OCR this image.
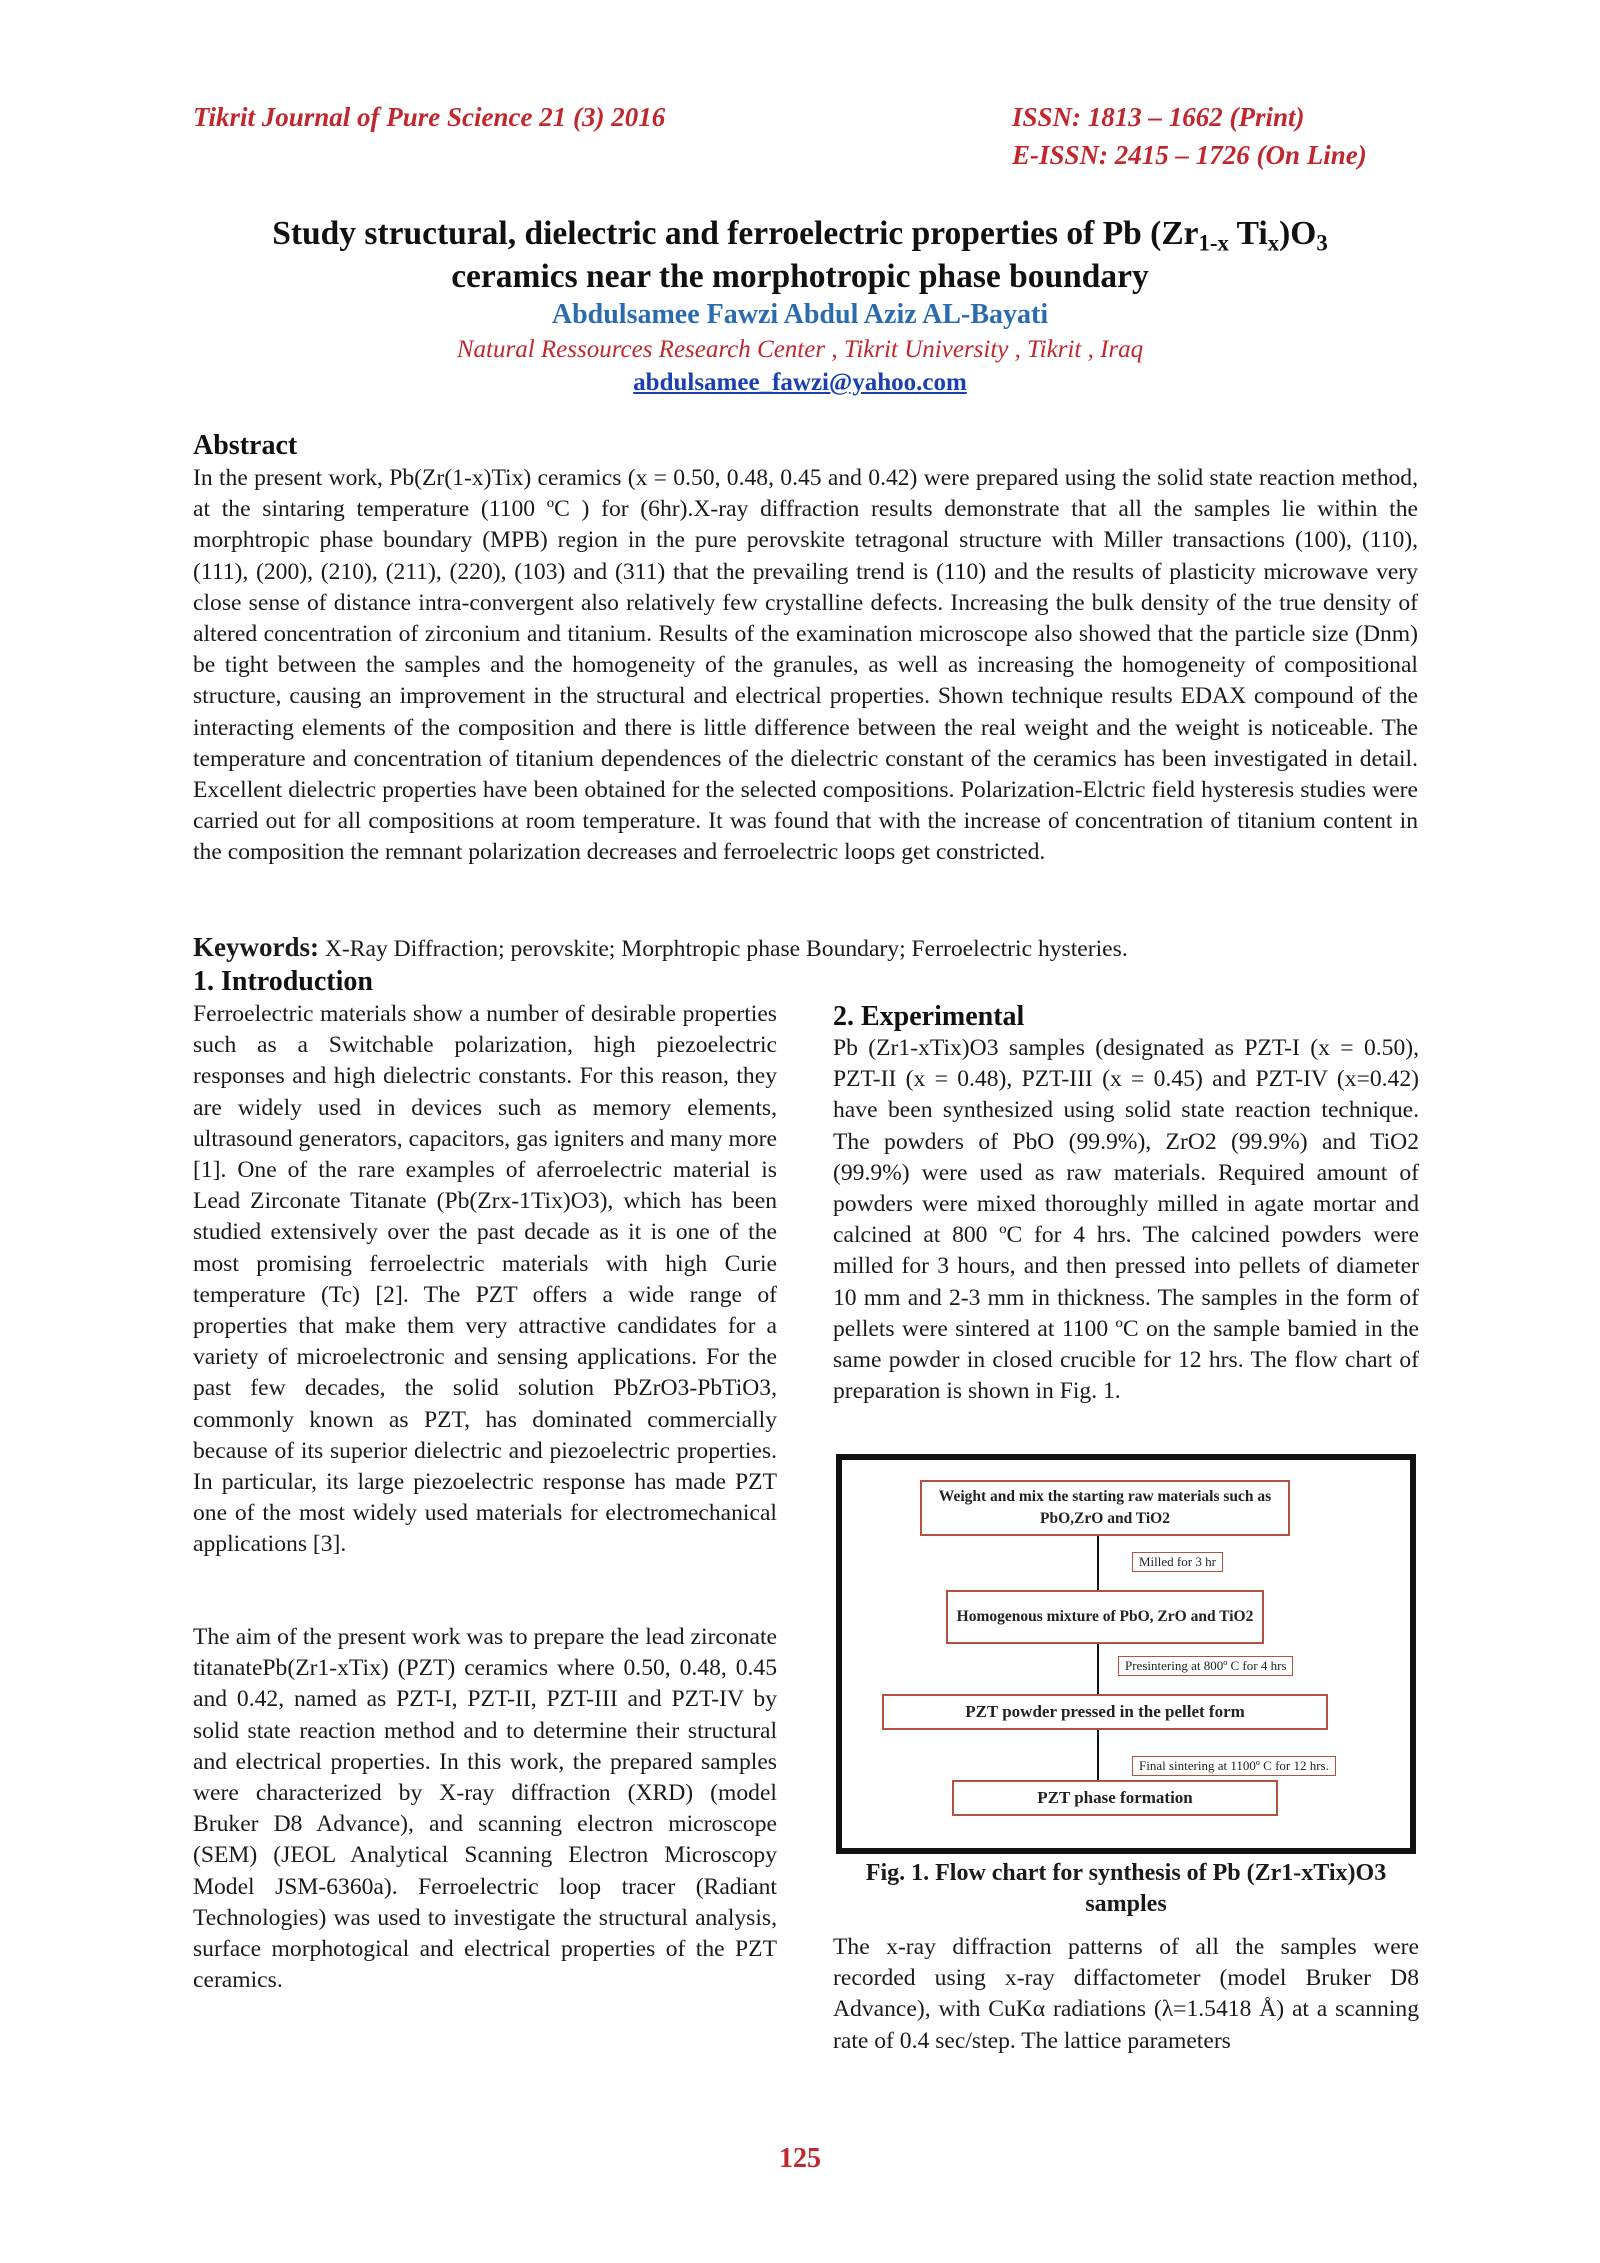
Tikrit Journal of Pure Science 21 (3) 2016	ISSN: 1813 – 1662 (Print)
E-ISSN: 2415 – 1726 (On Line)
Study structural, dielectric and ferroelectric properties of Pb ($Zr_{1-x}$ $Ti_x)O_3$
ceramics near the morphotropic phase boundary
Abdulsamee Fawzi Abdul Aziz AL-Bayati
Natural Ressources Research Center , Tikrit University , Tikrit , Iraq
abdulsamee_fawzi@yahoo.com
Abstract
In the present work, Pb(Zr(1-x)Tix) ceramics (x = 0.50, 0.48, 0.45 and 0.42) were prepared using the solid state reaction method, at the sintaring temperature (1100 ºC ) for (6hr).X-ray diffraction results demonstrate that all the samples lie within the morphtropic phase boundary (MPB) region in the pure perovskite tetragonal structure with Miller transactions (100), (110), (111), (200), (210), (211), (220), (103) and (311) that the prevailing trend is (110) and the results of plasticity microwave very close sense of distance intra-convergent also relatively few crystalline defects. Increasing the bulk density of the true density of altered concentration of zirconium and titanium. Results of the examination microscope also showed that the particle size (Dnm) be tight between the samples and the homogeneity of the granules, as well as increasing the homogeneity of compositional structure, causing an improvement in the structural and electrical properties. Shown technique results EDAX compound of the interacting elements of the composition and there is little difference between the real weight and the weight is noticeable. The temperature and concentration of titanium dependences of the dielectric constant of the ceramics has been investigated in detail. Excellent dielectric properties have been obtained for the selected compositions. Polarization-Elctric field hysteresis studies were carried out for all compositions at room temperature. It was found that with the increase of concentration of titanium content in the composition the remnant polarization decreases and ferroelectric loops get constricted.
Keywords: X-Ray Diffraction; perovskite; Morphtropic phase Boundary; Ferroelectric hysteries.
1. Introduction
Ferroelectric materials show a number of desirable properties such as a Switchable polarization, high piezoelectric responses and high dielectric constants. For this reason, they are widely used in devices such as memory elements, ultrasound generators, capacitors, gas igniters and many more [1]. One of the rare examples of aferroelectric material is Lead Zirconate Titanate (Pb(Zrx-1Tix)O3), which has been studied extensively over the past decade as it is one of the most promising ferroelectric materials with high Curie temperature (Tc) [2]. The PZT offers a wide range of properties that make them very attractive candidates for a variety of microelectronic and sensing applications. For the past few decades, the solid solution PbZrO3-PbTiO3, commonly known as PZT, has dominated commercially because of its superior dielectric and piezoelectric properties. In particular, its large piezoelectric response has made PZT one of the most widely used materials for electromechanical applications [3].
The aim of the present work was to prepare the lead zirconate titanatePb(Zr1-xTix) (PZT) ceramics where 0.50, 0.48, 0.45 and 0.42, named as PZT-I, PZT-II, PZT-III and PZT-IV by solid state reaction method and to determine their structural and electrical properties. In this work, the prepared samples were characterized by X-ray diffraction (XRD) (model Bruker D8 Advance), and scanning electron microscope (SEM) (JEOL Analytical Scanning Electron Microscopy Model JSM-6360a). Ferroelectric loop tracer (Radiant Technologies) was used to investigate the structural analysis, surface morphotogical and electrical properties of the PZT ceramics.
2. Experimental
Pb (Zr1-xTix)O3 samples (designated as PZT-I (x = 0.50), PZT-II (x = 0.48), PZT-III (x = 0.45) and PZT-IV (x=0.42) have been synthesized using solid state reaction technique. The powders of PbO (99.9%), ZrO2 (99.9%) and TiO2 (99.9%) were used as raw materials. Required amount of powders were mixed thoroughly milled in agate mortar and calcined at 800 ºC for 4 hrs. The calcined powders were milled for 3 hours, and then pressed into pellets of diameter 10 mm and 2-3 mm in thickness. The samples in the form of pellets were sintered at 1100 ºC on the sample bamied in the same powder in closed crucible for 12 hrs. The flow chart of preparation is shown in Fig. 1.
Weight and mix the starting raw materials such as PbO,ZrO and TiO2
Milled for 3 hr
Homogenous mixture of PbO, ZrO and TiO2
Presintering at 800º C for 4 hrs
PZT powder pressed in the pellet form
Final sintering at 1100º C for 12 hrs.
PZT phase formation
Fig. 1. Flow chart for synthesis of Pb (Zr1-xTix)O3 samples
The x-ray diffraction patterns of all the samples were recorded using x-ray diffactometer (model Bruker D8 Advance), with CuKα radiations (λ=1.5418 Å) at a scanning rate of 0.4 sec/step. The lattice parameters
125
